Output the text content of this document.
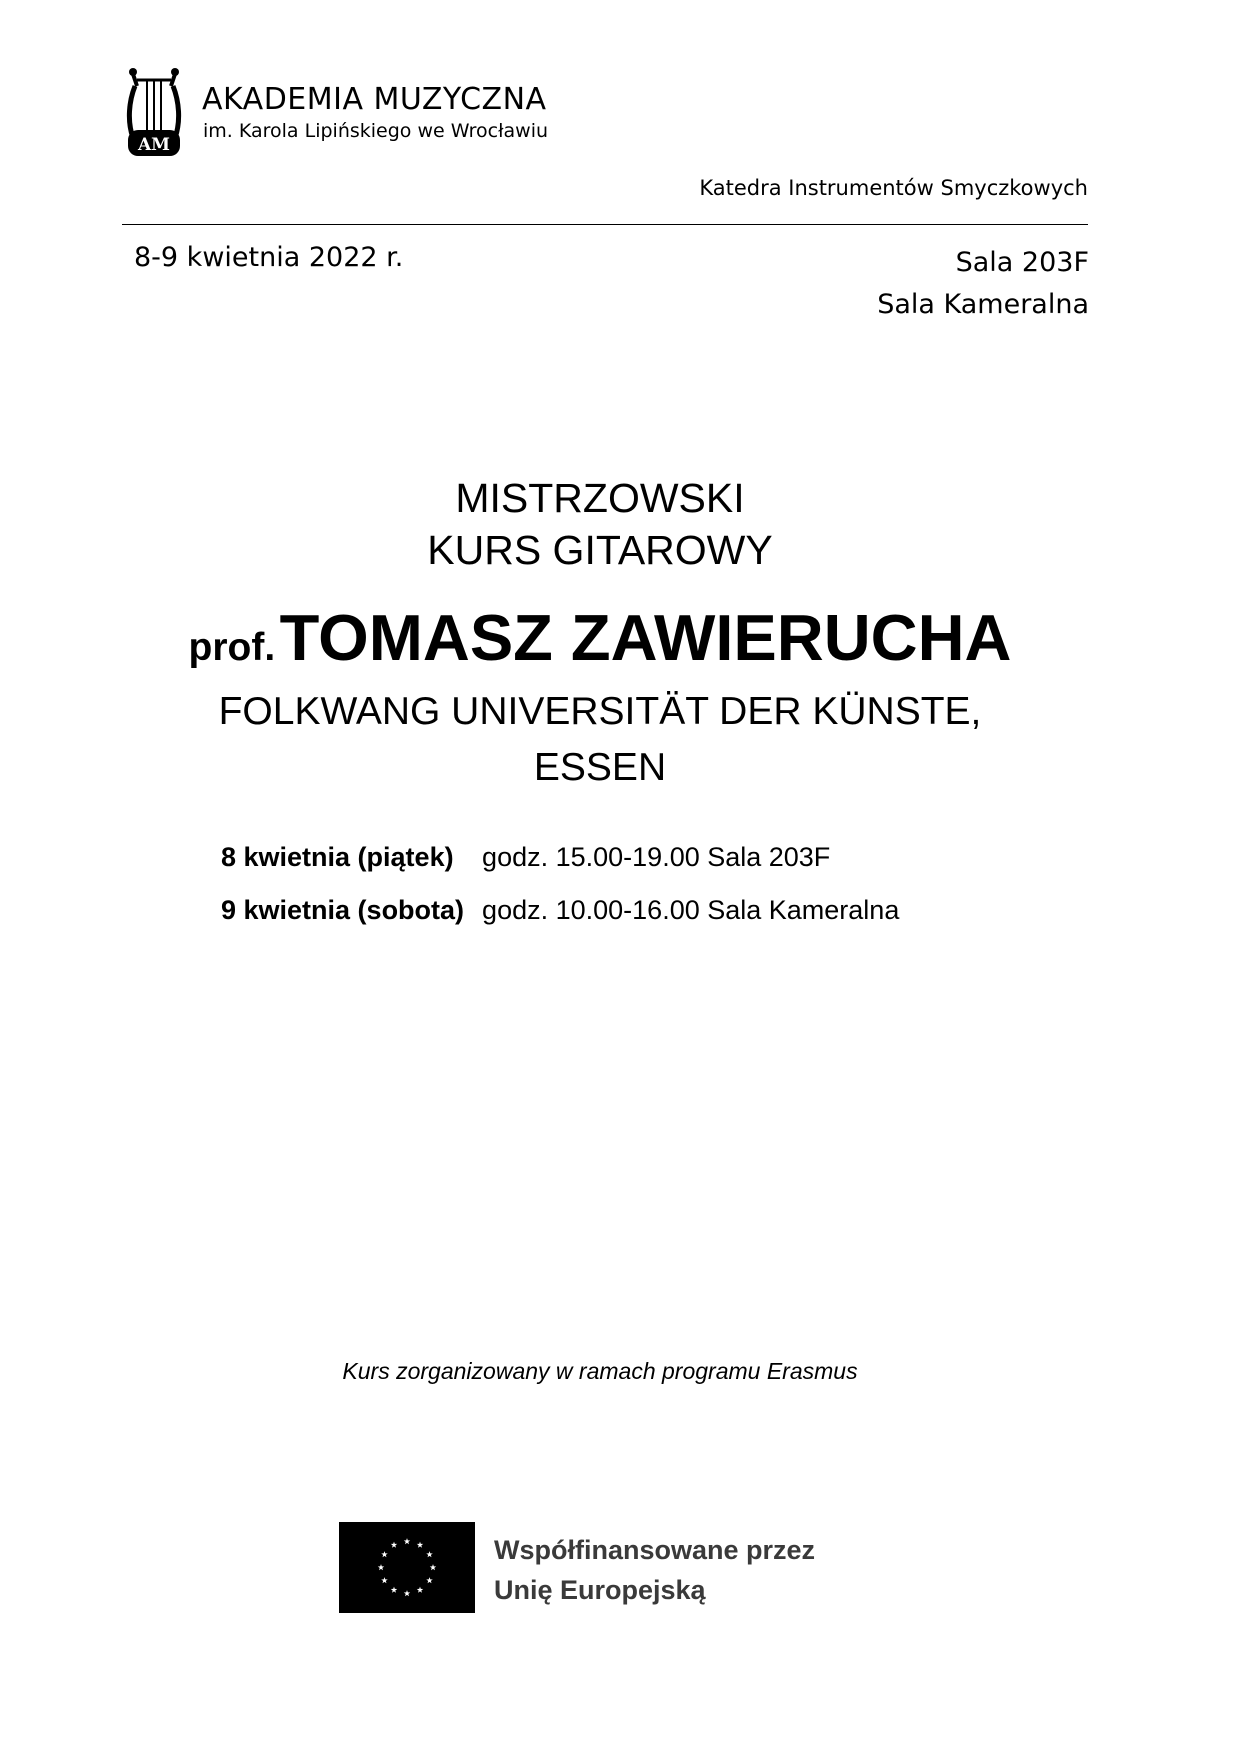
AM
AKADEMIA MUZYCZNA
im. Karola Lipińskiego we Wrocławiu
Katedra Instrumentów Smyczkowych
8-9 kwietnia 2022 r.	Sala 203F
Sala Kameralna
MISTRZOWSKI
KURS GITAROWY
prof. TOMASZ ZAWIERUCHA
FOLKWANG UNIVERSITÄT DER KÜNSTE,
ESSEN
8 kwietnia (piątek)	godz. 15.00-19.00 Sala 203F
9 kwietnia (sobota)	godz. 10.00-16.00 Sala Kameralna
Kurs zorganizowany w ramach programu Erasmus
Współfinansowane przez
Unię Europejską
